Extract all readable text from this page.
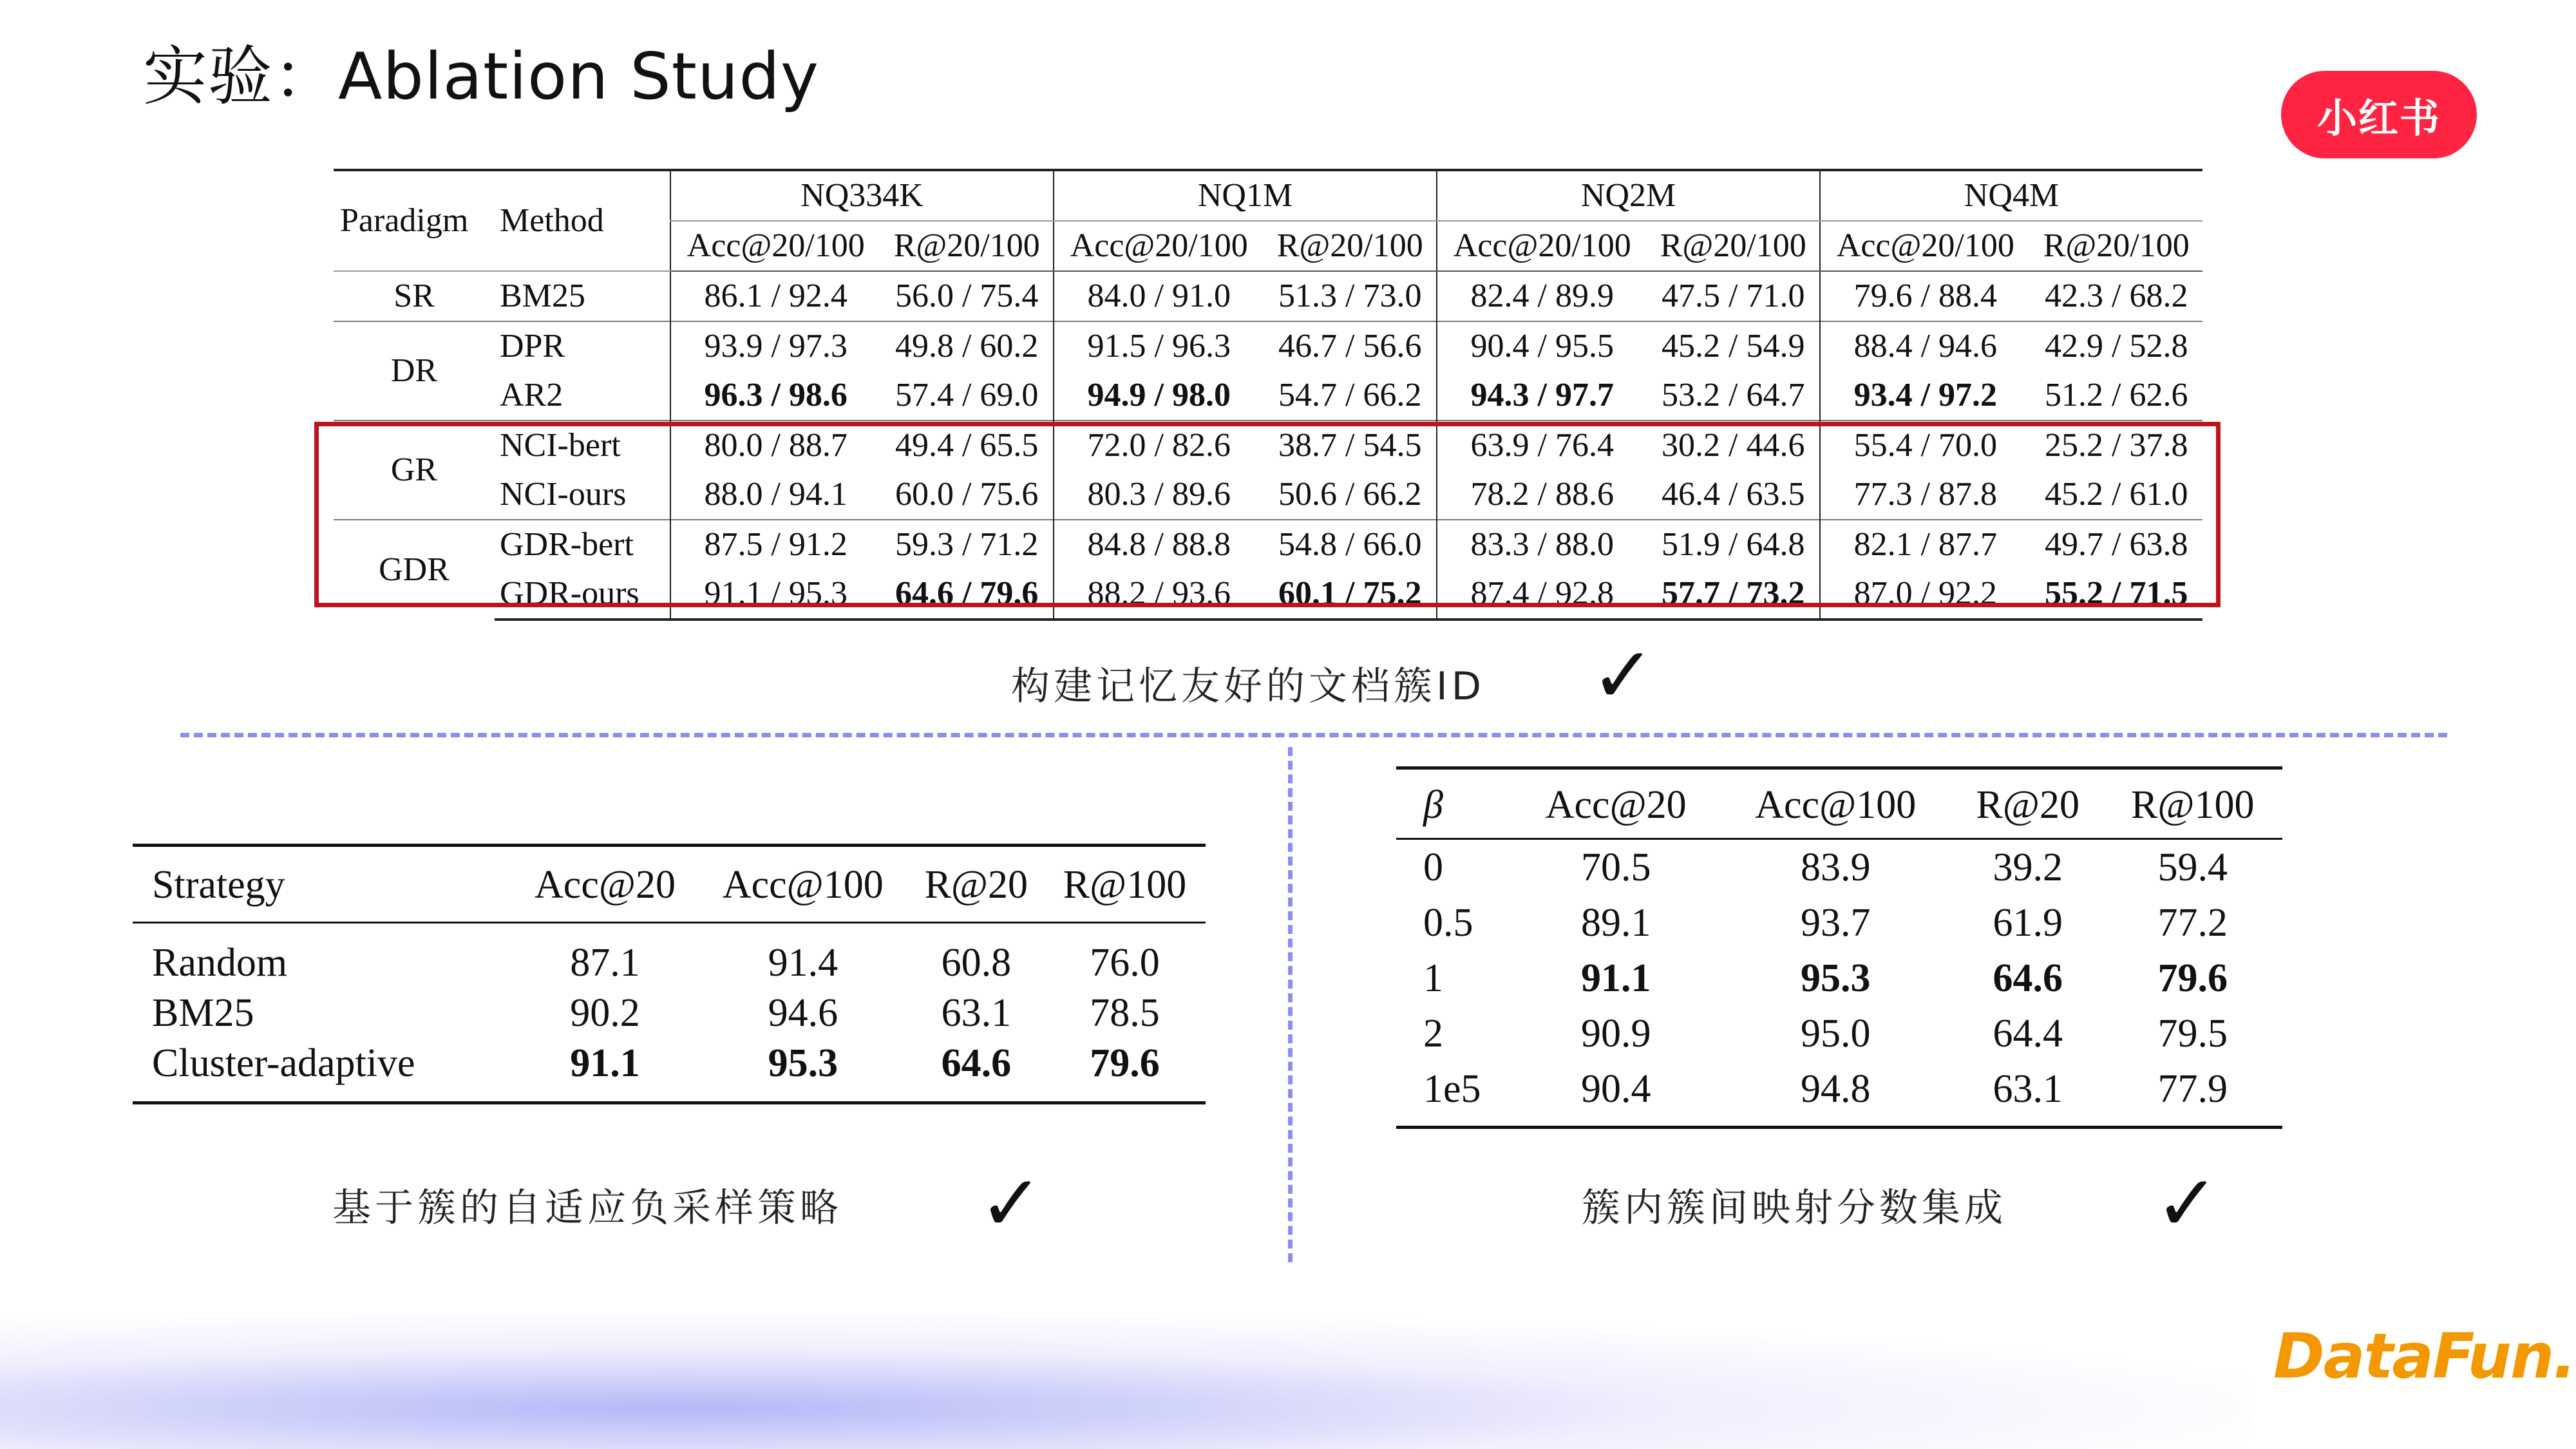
实验：Ablation Study
小红书
Paradigm	Method	NQ334K		NQ1M		NQ2M		NQ4M	
		Acc@20/100	R@20/100	Acc@20/100	R@20/100	Acc@20/100	R@20/100	Acc@20/100	R@20/100
SR	BM25	86.1 / 92.4	56.0 / 75.4	84.0 / 91.0	51.3 / 73.0	82.4 / 89.9	47.5 / 71.0	79.6 / 88.4	42.3 / 68.2
DR	DPR	93.9 / 97.3	49.8 / 60.2	91.5 / 96.3	46.7 / 56.6	90.4 / 95.5	45.2 / 54.9	88.4 / 94.6	42.9 / 52.8
	AR2	96.3 / 98.6	57.4 / 69.0	94.9 / 98.0	54.7 / 66.2	94.3 / 97.7	53.2 / 64.7	93.4 / 97.2	51.2 / 62.6
GR	NCI-bert	80.0 / 88.7	49.4 / 65.5	72.0 / 82.6	38.7 / 54.5	63.9 / 76.4	30.2 / 44.6	55.4 / 70.0	25.2 / 37.8
	NCI-ours	88.0 / 94.1	60.0 / 75.6	80.3 / 89.6	50.6 / 66.2	78.2 / 88.6	46.4 / 63.5	77.3 / 87.8	45.2 / 61.0
GDR	GDR-bert	87.5 / 91.2	59.3 / 71.2	84.8 / 88.8	54.8 / 66.0	83.3 / 88.0	51.9 / 64.8	82.1 / 87.7	49.7 / 63.8
	GDR-ours	91.1 / 95.3	64.6 / 79.6	88.2 / 93.6	60.1 / 75.2	87.4 / 92.8	57.7 / 73.2	87.0 / 92.2	55.2 / 71.5
构建记忆友好的文档簇ID ✓
Strategy	Acc@20	Acc@100	R@20	R@100
Random	87.1	91.4	60.8	76.0
BM25	90.2	94.6	63.1	78.5
Cluster-adaptive	91.1	95.3	64.6	79.6
基于簇的自适应负采样策略 ✓
β	Acc@20	Acc@100	R@20	R@100
0	70.5	83.9	39.2	59.4
0.5	89.1	93.7	61.9	77.2
1	91.1	95.3	64.6	79.6
2	90.9	95.0	64.4	79.5
1e5	90.4	94.8	63.1	77.9
簇内簇间映射分数集成 ✓
DataFun.
